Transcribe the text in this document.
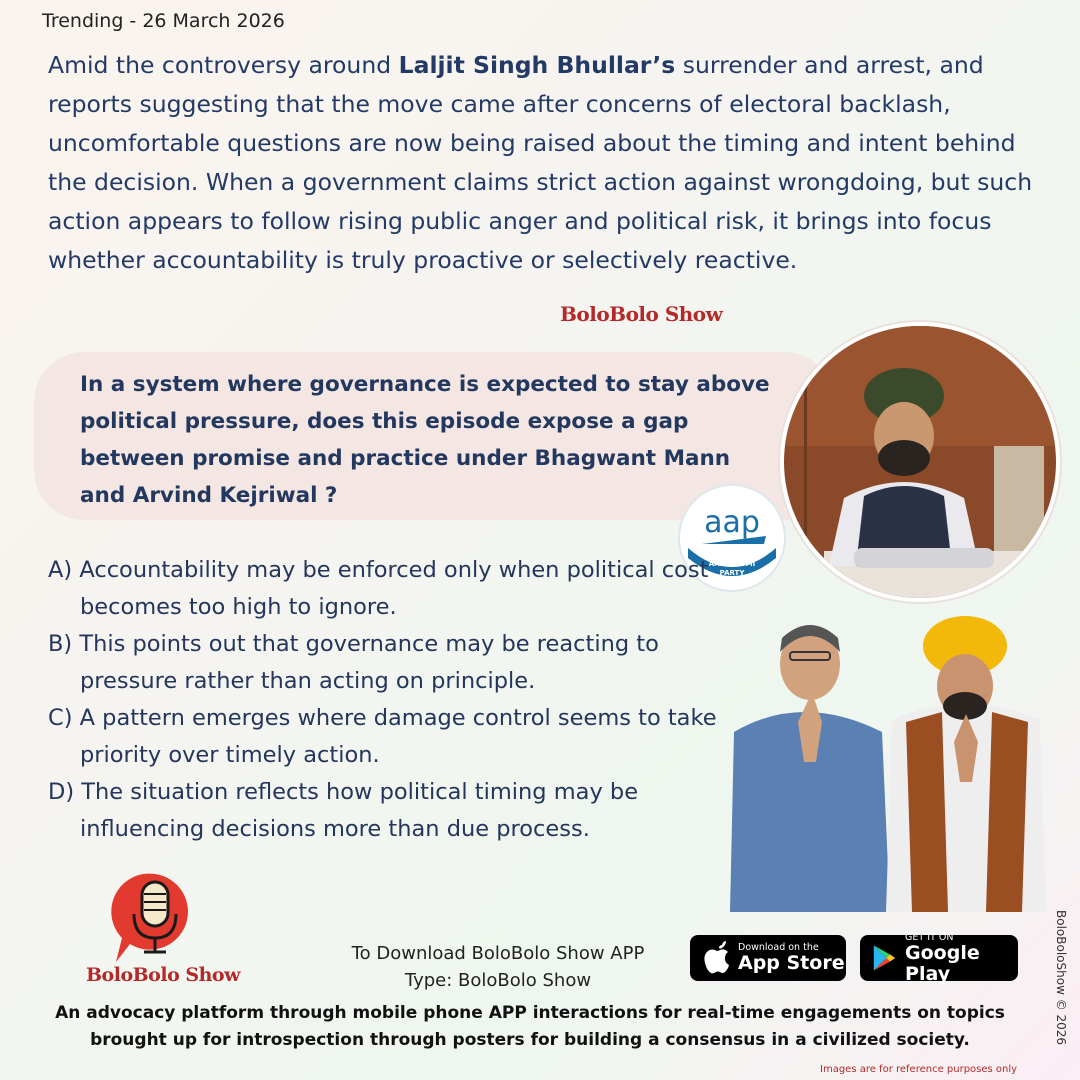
Trending - 26 March 2026
Amid the controversy around Laljit Singh Bhullar’s surrender and arrest, and reports suggesting that the move came after concerns of electoral backlash, uncomfortable questions are now being raised about the timing and intent behind the decision. When a government claims strict action against wrongdoing, but such action appears to follow rising public anger and political risk, it brings into focus whether accountability is truly proactive or selectively reactive.
BoloBolo Show
In a system where governance is expected to stay above political pressure, does this episode expose a gap between promise and practice under Bhagwant Mann and Arvind Kejriwal ?
aap
AAM AADMI
PARTY
A) Accountability may be enforced only when political cost becomes too high to ignore.
B) This points out that governance may be reacting to pressure rather than acting on principle.
C) A pattern emerges where damage control seems to take priority over timely action.
D) The situation reflects how political timing may be influencing decisions more than due process.
BoloBolo Show
To Download BoloBolo Show APP
Type: BoloBolo Show
Download on the
App Store
GET IT ON
Google Play
An advocacy platform through mobile phone APP interactions for real-time engagements on topics
brought up for introspection through posters for building a consensus in a civilized society.	BoloBoloShow © 2026
Images are for reference purposes only
